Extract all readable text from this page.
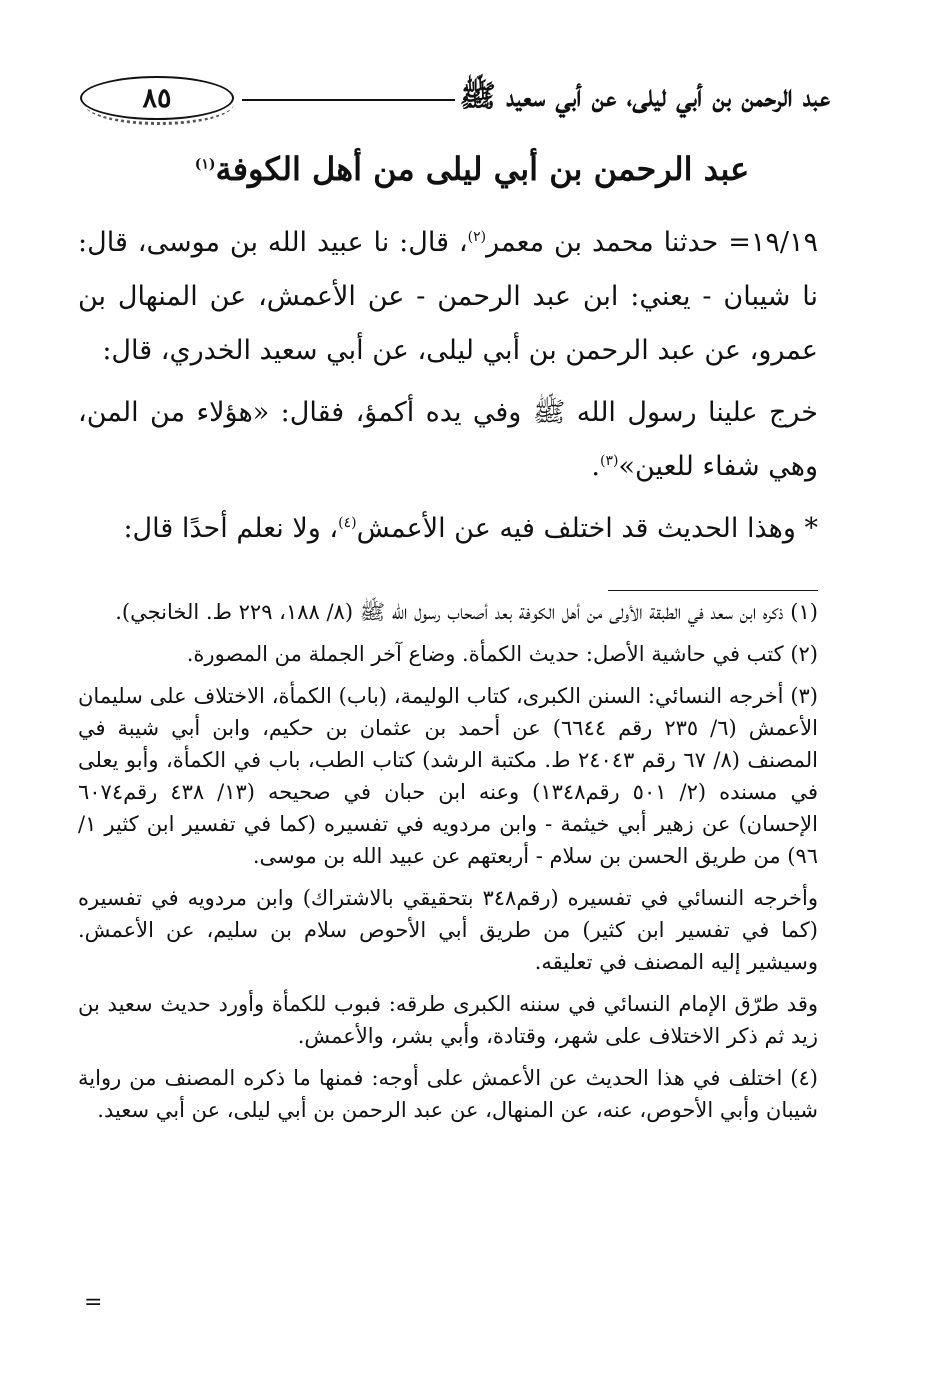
٨٥	عبد الرحمن بن أبي ليلى، عن أبي سعيد ﷺ
عبد الرحمن بن أبي ليلى من أهل الكوفة$^{(١)}$

١٩/١٩= حدثنا محمد بن معمر$^{(٢)}$، قال: نا عبيد الله بن موسى، قال: نا شيبان - يعني: ابن عبد الرحمن - عن الأعمش، عن المنهال بن عمرو، عن عبد الرحمن بن أبي ليلى، عن أبي سعيد الخدري، قال:

خرج علينا رسول الله ﷺ وفي يده أكمؤ، فقال: «هؤلاء من المن، وهي شفاء للعين»$^{(٣)}$.

* وهذا الحديث قد اختلف فيه عن الأعمش$^{(٤)}$، ولا نعلم أحدًا قال:

(١) ذكره ابن سعد في الطبقة الأولى من أهل الكوفة بعد أصحاب رسول الله ﷺ (٨/ ١٨٨، ٢٢٩ ط. الخانجي).

(٢) كتب في حاشية الأصل: حديث الكمأة. وضاع آخر الجملة من المصورة.

(٣) أخرجه النسائي: السنن الكبرى، كتاب الوليمة، (باب) الكمأة، الاختلاف على سليمان الأعمش (٦/ ٢٣٥ رقم ٦٦٤٤) عن أحمد بن عثمان بن حكيم، وابن أبي شيبة في المصنف (٨/ ٦٧ رقم ٢٤٠٤٣ ط. مكتبة الرشد) كتاب الطب، باب في الكمأة، وأبو يعلى في مسنده (٢/ ٥٠١ رقم١٣٤٨) وعنه ابن حبان في صحيحه (١٣/ ٤٣٨ رقم٦٠٧٤ الإحسان) عن زهير أبي خيثمة - وابن مردويه في تفسيره (كما في تفسير ابن كثير ١/ ٩٦) من طريق الحسن بن سلام - أربعتهم عن عبيد الله بن موسى.

وأخرجه النسائي في تفسيره (رقم٣٤٨ بتحقيقي بالاشتراك) وابن مردويه في تفسيره (كما في تفسير ابن كثير) من طريق أبي الأحوص سلام بن سليم، عن الأعمش. وسيشير إليه المصنف في تعليقه.

وقد طرّق الإمام النسائي في سننه الكبرى طرقه: فبوب للكمأة وأورد حديث سعيد بن زيد ثم ذكر الاختلاف على شهر، وقتادة، وأبي بشر، والأعمش.

(٤) اختلف في هذا الحديث عن الأعمش على أوجه: فمنها ما ذكره المصنف من رواية شيبان وأبي الأحوص، عنه، عن المنهال، عن عبد الرحمن بن أبي ليلى، عن أبي سعيد.

=
